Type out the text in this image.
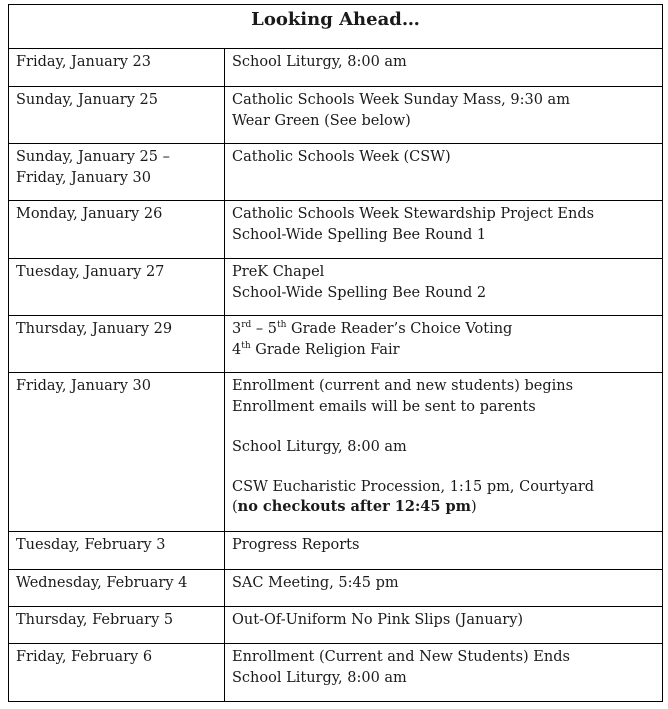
Looking Ahead…	

Friday, January 23	School Liturgy, 8:00 am

Sunday, January 25	Catholic Schools Week Sunday Mass, 9:30 am
Wear Green (See below)

Sunday, January 25 –
Friday, January 30	Catholic Schools Week (CSW)

Monday, January 26	Catholic Schools Week Stewardship Project Ends
School-Wide Spelling Bee Round 1

Tuesday, January 27	PreK Chapel
School-Wide Spelling Bee Round 2

Thursday, January 29	3rd – 5th Grade Reader’s Choice Voting
4th Grade Religion Fair

Friday, January 30	Enrollment (current and new students) begins
Enrollment emails will be sent to parents
School Liturgy, 8:00 am
CSW Eucharistic Procession, 1:15 pm, Courtyard
(no checkouts after 12:45 pm)

Tuesday, February 3	Progress Reports

Wednesday, February 4	SAC Meeting, 5:45 pm

Thursday, February 5	Out-Of-Uniform No Pink Slips (January)

Friday, February 6	Enrollment (Current and New Students) Ends
School Liturgy, 8:00 am
